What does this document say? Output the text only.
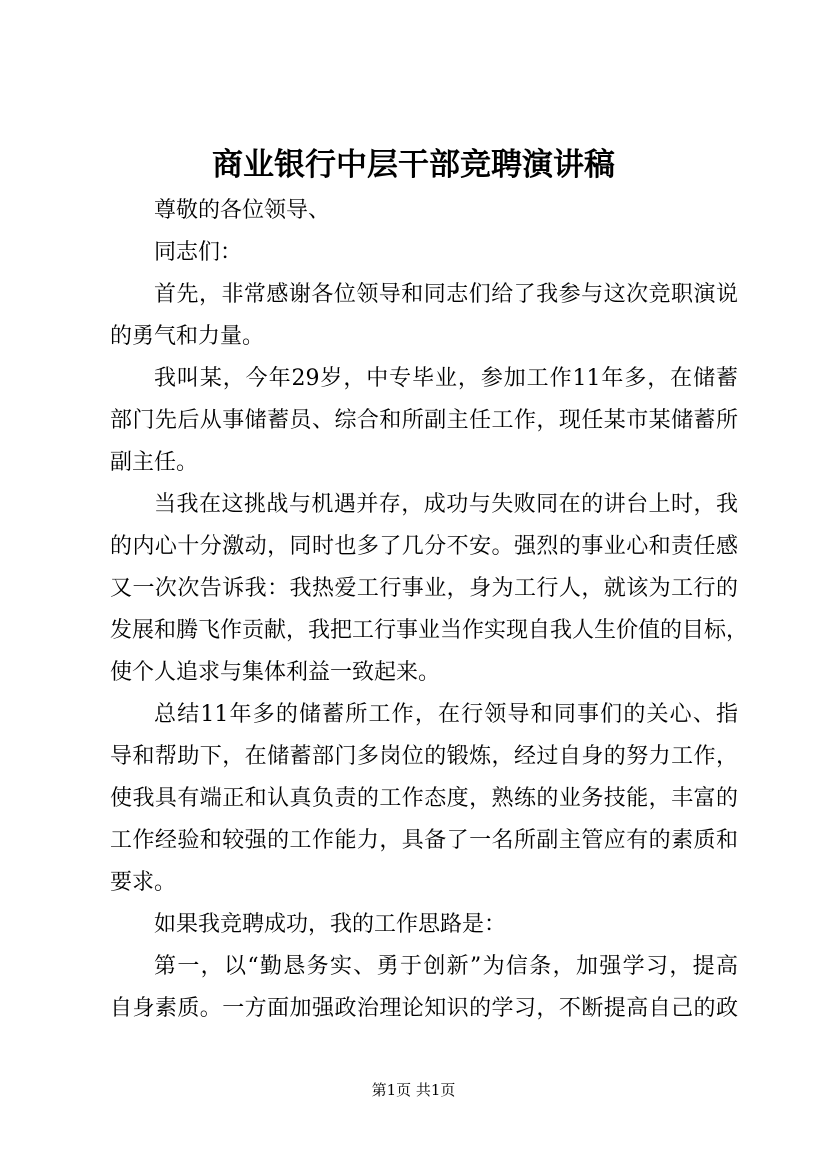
商业银行中层干部竞聘演讲稿
尊敬的各位领导、
同志们：
首先，非常感谢各位领导和同志们给了我参与这次竞职演说
的勇气和力量。
我叫某，今年29岁，中专毕业，参加工作11年多，在储蓄
部门先后从事储蓄员、综合和所副主任工作，现任某市某储蓄所
副主任。
当我在这挑战与机遇并存，成功与失败同在的讲台上时，我
的内心十分激动，同时也多了几分不安。强烈的事业心和责任感
又一次次告诉我：我热爱工行事业，身为工行人，就该为工行的
发展和腾飞作贡献，我把工行事业当作实现自我人生价值的目标，
使个人追求与集体利益一致起来。
总结11年多的储蓄所工作，在行领导和同事们的关心、指
导和帮助下，在储蓄部门多岗位的锻炼，经过自身的努力工作，
使我具有端正和认真负责的工作态度，熟练的业务技能，丰富的
工作经验和较强的工作能力，具备了一名所副主管应有的素质和
要求。
如果我竞聘成功，我的工作思路是：
第一，以“勤恳务实、勇于创新”为信条，加强学习，提高
自身素质。一方面加强政治理论知识的学习，不断提高自己的政
第1页 共1页
